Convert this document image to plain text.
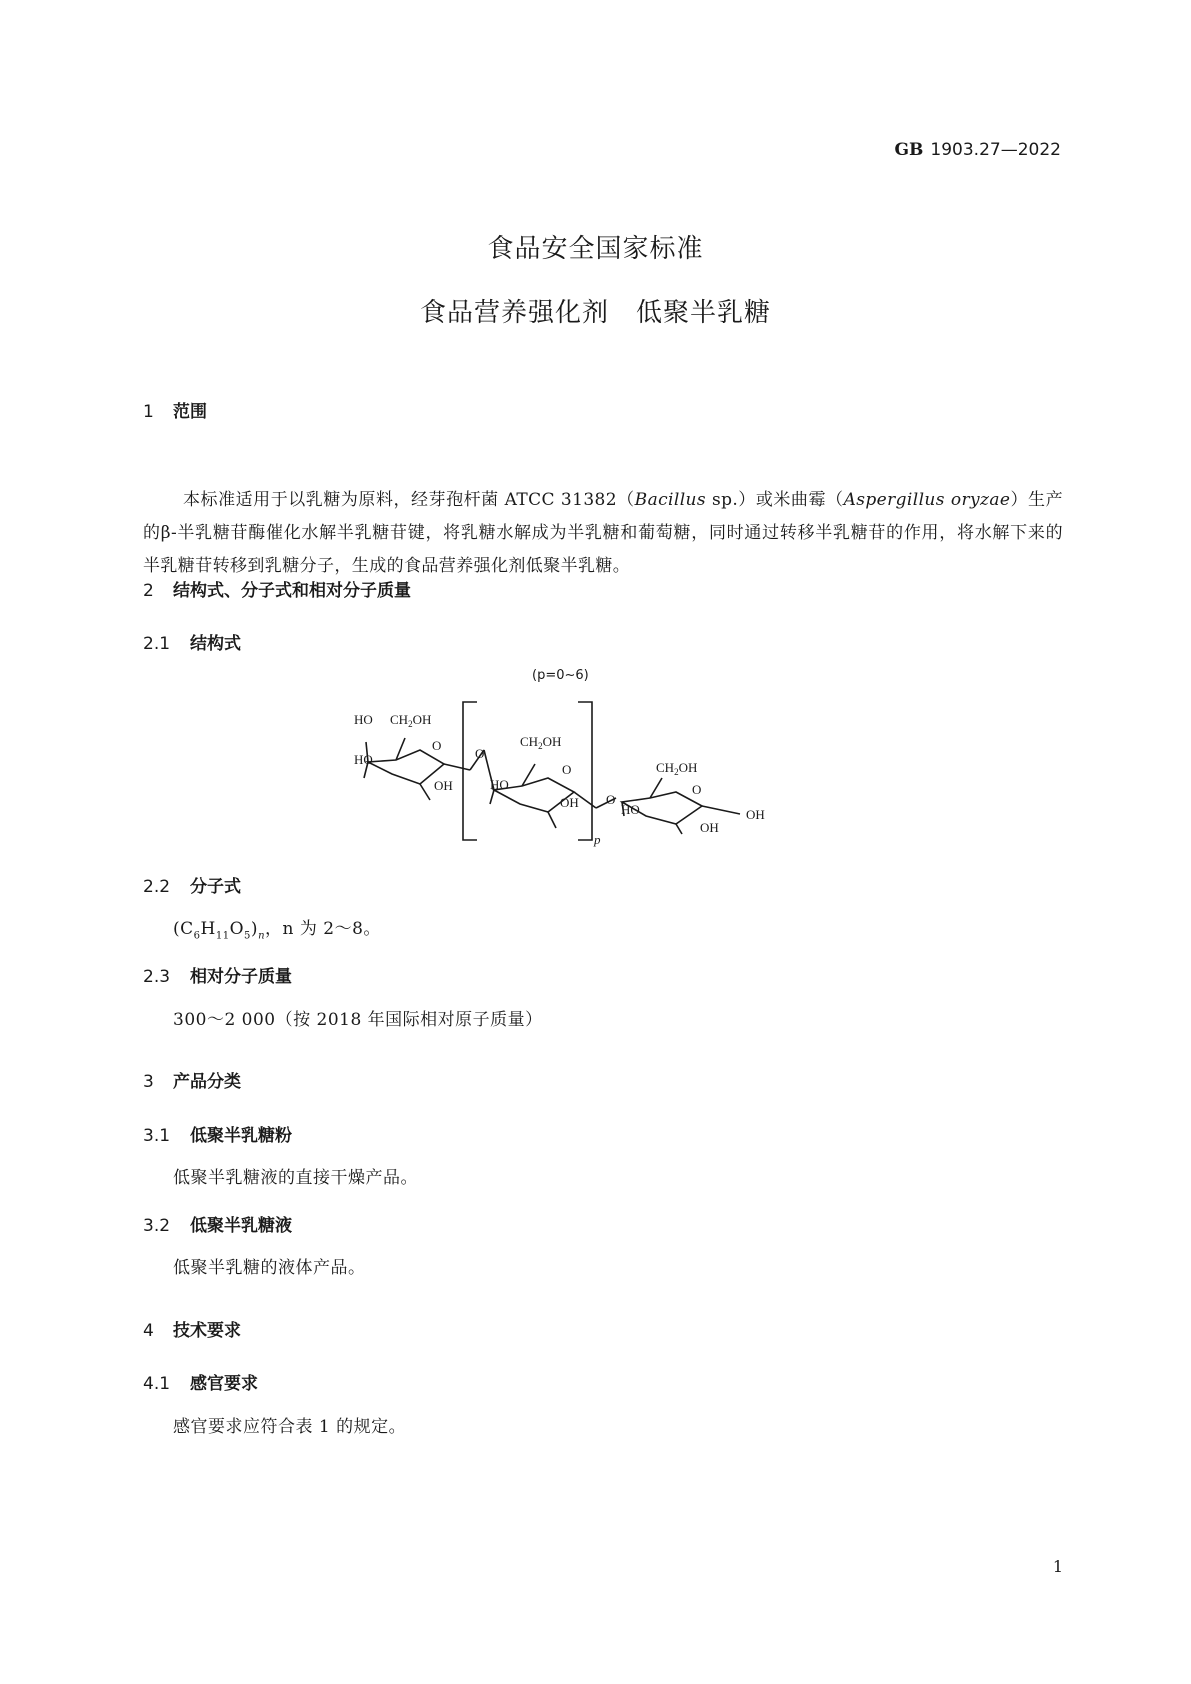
GB 1903.27—2022
食品安全国家标准
食品营养强化剂　低聚半乳糖
1 范围
本标准适用于以乳糖为原料，经芽孢杆菌 ATCC 31382（Bacillus sp.）或米曲霉（Aspergillus oryzae）生产的β-半乳糖苷酶催化水解半乳糖苷键，将乳糖水解成为半乳糖和葡萄糖，同时通过转移半乳糖苷的作用，将水解下来的半乳糖苷转移到乳糖分子，生成的食品营养强化剂低聚半乳糖。
2 结构式、分子式和相对分子质量
2.1 结构式
(p=0~6)
HO $CH_2OH$
HO
OH
O
$CH_2OH$
HO
OH O
$CH_2OH$
HO
OH
OH
p
O
O
O
2.2 分子式
$(C_6H_{11}O_5)_n$，n 为 2～8。
2.3 相对分子质量
300～2 000（按 2018 年国际相对原子质量）
3 产品分类
3.1 低聚半乳糖粉
低聚半乳糖液的直接干燥产品。
3.2 低聚半乳糖液
低聚半乳糖的液体产品。
4 技术要求
4.1 感官要求
感官要求应符合表 1 的规定。
1
